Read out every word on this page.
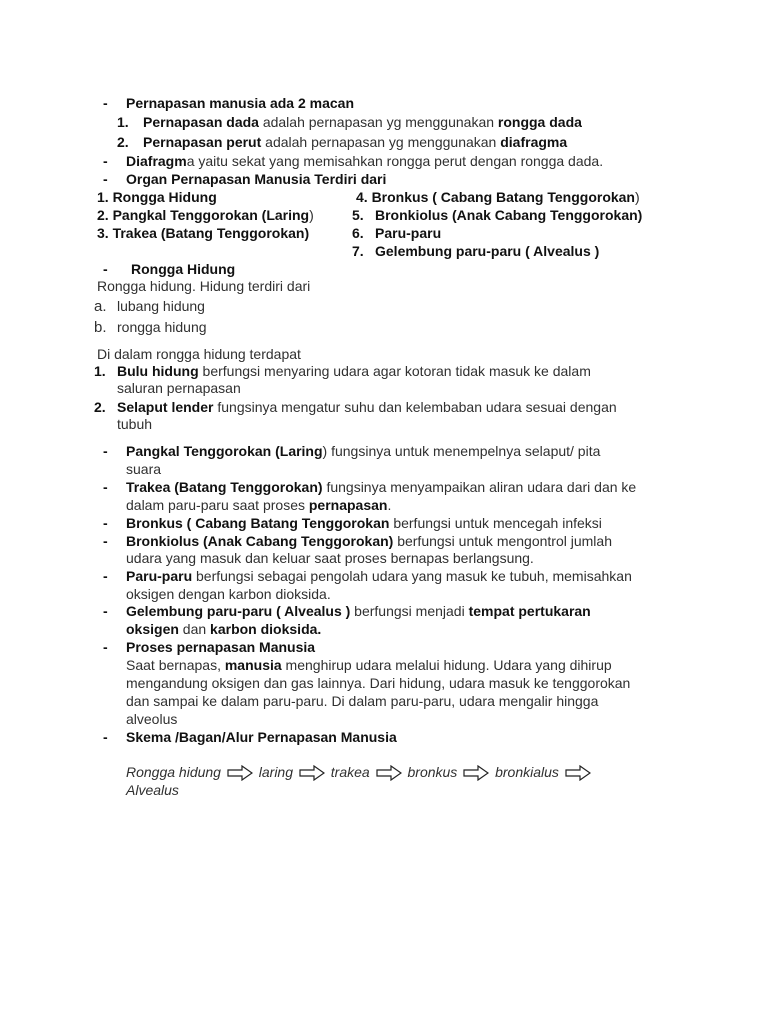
- Pernapasan manusia ada 2 macan
1. Pernapasan dada adalah pernapasan yg menggunakan rongga dada
2. Pernapasan perut adalah pernapasan yg menggunakan diafragma
- Diafragma yaitu sekat yang memisahkan rongga perut dengan rongga dada.
- Organ Pernapasan Manusia Terdiri dari
1. Rongga Hidung
2. Pangkal Tenggorokan (Laring)
3. Trakea (Batang Tenggorokan)
4. Bronkus ( Cabang Batang Tenggorokan)
5. Bronkiolus (Anak Cabang Tenggorokan)
6. Paru-paru
7. Gelembung paru-paru ( Alvealus )
- Rongga Hidung
Rongga hidung. Hidung terdiri dari
a. lubang hidung
b. rongga hidung
Di dalam rongga hidung terdapat
1. Bulu hidung berfungsi menyaring udara agar kotoran tidak masuk ke dalam
saluran pernapasan
2. Selaput lender fungsinya mengatur suhu dan kelembaban udara sesuai dengan
tubuh
- Pangkal Tenggorokan (Laring) fungsinya untuk menempelnya selaput/ pita
suara
- Trakea (Batang Tenggorokan) fungsinya menyampaikan aliran udara dari dan ke
dalam paru-paru saat proses pernapasan.
- Bronkus ( Cabang Batang Tenggorokan berfungsi untuk mencegah infeksi
- Bronkiolus (Anak Cabang Tenggorokan) berfungsi untuk mengontrol jumlah
udara yang masuk dan keluar saat proses bernapas berlangsung.
- Paru-paru berfungsi sebagai pengolah udara yang masuk ke tubuh, memisahkan
oksigen dengan karbon dioksida.
- Gelembung paru-paru ( Alvealus ) berfungsi menjadi tempat pertukaran
oksigen dan karbon dioksida.
- Proses pernapasan Manusia
Saat bernapas, manusia menghirup udara melalui hidung. Udara yang dihirup
mengandung oksigen dan gas lainnya. Dari hidung, udara masuk ke tenggorokan
dan sampai ke dalam paru-paru. Di dalam paru-paru, udara mengalir hingga
alveolus
- Skema /Bagan/Alur Pernapasan Manusia
Rongga hidung	laring	trakea	bronkus	bronkialus
Alvealus
